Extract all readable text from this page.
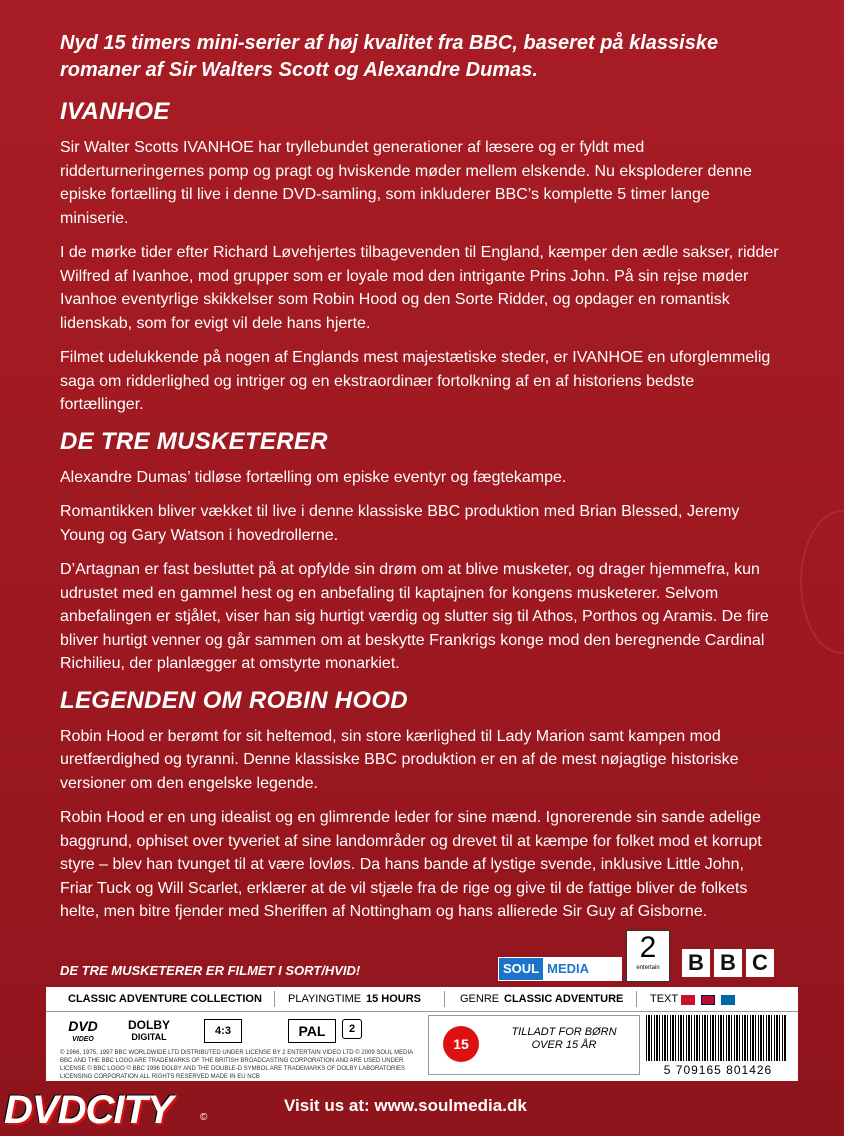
Nyd 15 timers mini-serier af høj kvalitet fra BBC, baseret på klassiske romaner af Sir Walters Scott og Alexandre Dumas.
IVANHOE

Sir Walter Scotts IVANHOE har tryllebundet generationer af læsere og er fyldt med ridderturneringernes pomp og pragt og hviskende møder mellem elskende. Nu eksploderer denne episke fortælling til live i denne DVD-samling, som inkluderer BBC’s komplette 5 timer lange miniserie.

I de mørke tider efter Richard Løvehjertes tilbagevenden til England, kæmper den ædle sakser, ridder Wilfred af Ivanhoe, mod grupper som er loyale mod den intrigante Prins John. På sin rejse møder Ivanhoe eventyrlige skikkelser som Robin Hood og den Sorte Ridder, og opdager en romantisk lidenskab, som for evigt vil dele hans hjerte.

Filmet udelukkende på nogen af Englands mest majestætiske steder, er IVANHOE en uforglemmelig saga om ridderlighed og intriger og en ekstraordinær fortolkning af en af historiens bedste fortællinger.

DE TRE MUSKETERER

Alexandre Dumas’ tidløse fortælling om episke eventyr og fægtekampe.

Romantikken bliver vækket til live i denne klassiske BBC produktion med Brian Blessed, Jeremy Young og Gary Watson i hovedrollerne.

D’Artagnan er fast besluttet på at opfylde sin drøm om at blive musketer, og drager hjemmefra, kun udrustet med en gammel hest og en anbefaling til kaptajnen for kongens musketerer. Selvom anbefalingen er stjålet, viser han sig hurtigt værdig og slutter sig til Athos, Porthos og Aramis. De fire bliver hurtigt venner og går sammen om at beskytte Frankrigs konge mod den beregnende Cardinal Richilieu, der planlægger at omstyrte monarkiet.

LEGENDEN OM ROBIN HOOD

Robin Hood er berømt for sit heltemod, sin store kærlighed til Lady Marion samt kampen mod uretfærdighed og tyranni. Denne klassiske BBC produktion er en af de mest nøjagtige historiske versioner om den engelske legende.

Robin Hood er en ung idealist og en glimrende leder for sine mænd. Ignorerende sin sande adelige baggrund, ophiset over tyveriet af sine landområder og drevet til at kæmpe for folket mod et korrupt styre – blev han tvunget til at være lovløs. Da hans bande af lystige svende, inklusive Little John, Friar Tuck og Will Scarlet, erklærer at de vil stjæle fra de rige og give til de fattige bliver de folkets helte, men bitre fjender med Sheriffen af Nottingham og hans allierede Sir Guy af Gisborne.

DE TRE MUSKETERER ER FILMET I SORT/HVID!	SOUL MEDIA
2
entertain	B B C
CLASSIC ADVENTURE COLLECTION PLAYINGTIME 15 HOURS	GENRE CLASSIC ADVENTURE TEXT

DVD
VIDEO
DOLBY
DIGITAL	4:3	PAL	2
© 1966, 1975, 1997 BBC WORLDWIDE LTD DISTRIBUTED UNDER LICENSE BY 2 ENTERTAIN VIDEO LTD © 2009 SOUL MEDIA BBC AND THE BBC LOGO ARE TRADEMARKS OF THE BRITISH BROADCASTING CORPORATION AND ARE USED UNDER LICENSE © BBC LOGO © BBC 1996 DOLBY AND THE DOUBLE-D SYMBOL ARE TRADEMARKS OF DOLBY LABORATORIES LICENSING CORPORATION ALL RIGHTS RESERVED MADE IN EU NCB
15
TILLADT FOR BØRN OVER 15 ÅR
5 709165 801426
DVDCITY	©
Visit us at: www.soulmedia.dk
